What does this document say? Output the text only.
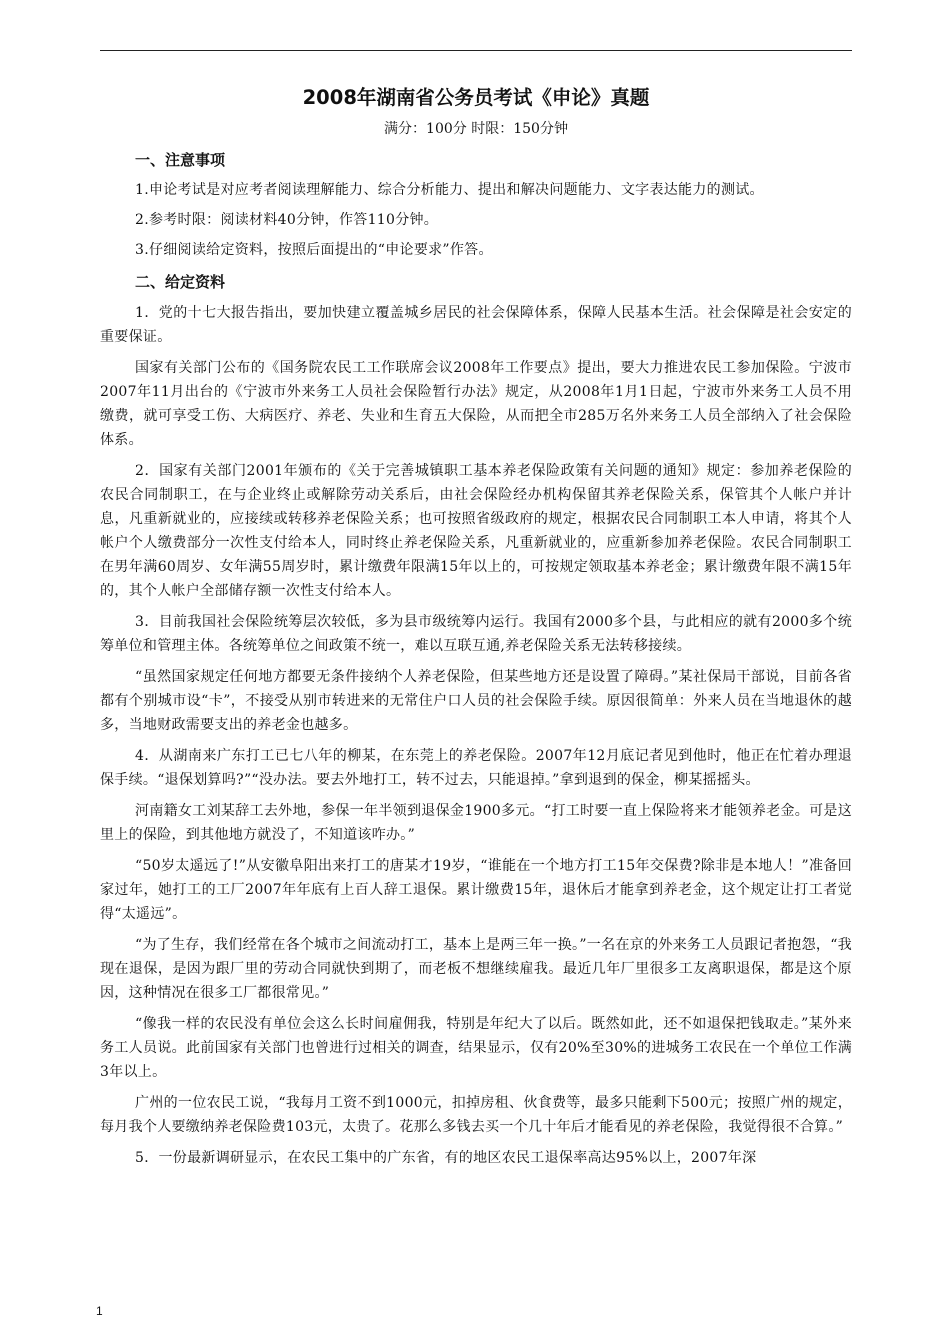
2008年湖南省公务员考试《申论》真题
满分：100分 时限：150分钟
一、注意事项

1.申论考试是对应考者阅读理解能力、综合分析能力、提出和解决问题能力、文字表达能力的测试。

2.参考时限：阅读材料40分钟，作答110分钟。

3.仔细阅读给定资料，按照后面提出的“申论要求”作答。

二、给定资料

1．党的十七大报告指出，要加快建立覆盖城乡居民的社会保障体系，保障人民基本生活。社会保障是社会安定的重要保证。

国家有关部门公布的《国务院农民工工作联席会议2008年工作要点》提出，要大力推进农民工参加保险。宁波市2007年11月出台的《宁波市外来务工人员社会保险暂行办法》规定，从2008年1月1日起，宁波市外来务工人员不用缴费，就可享受工伤、大病医疗、养老、失业和生育五大保险，从而把全市285万名外来务工人员全部纳入了社会保险体系。

2．国家有关部门2001年颁布的《关于完善城镇职工基本养老保险政策有关问题的通知》规定：参加养老保险的农民合同制职工，在与企业终止或解除劳动关系后，由社会保险经办机构保留其养老保险关系，保管其个人帐户并计息，凡重新就业的，应接续或转移养老保险关系；也可按照省级政府的规定，根据农民合同制职工本人申请，将其个人帐户个人缴费部分一次性支付给本人，同时终止养老保险关系，凡重新就业的，应重新参加养老保险。农民合同制职工在男年满60周岁、女年满55周岁时，累计缴费年限满15年以上的，可按规定领取基本养老金；累计缴费年限不满15年的，其个人帐户全部储存额一次性支付给本人。

3．目前我国社会保险统筹层次较低，多为县市级统筹内运行。我国有2000多个县，与此相应的就有2000多个统筹单位和管理主体。各统筹单位之间政策不统一，难以互联互通,养老保险关系无法转移接续。

“虽然国家规定任何地方都要无条件接纳个人养老保险，但某些地方还是设置了障碍。”某社保局干部说，目前各省都有个别城市设“卡”，不接受从别市转进来的无常住户口人员的社会保险手续。原因很简单：外来人员在当地退休的越多，当地财政需要支出的养老金也越多。

4．从湖南来广东打工已七八年的柳某，在东莞上的养老保险。2007年12月底记者见到他时，他正在忙着办理退保手续。“退保划算吗?”“没办法。要去外地打工，转不过去，只能退掉。”拿到退到的保金，柳某摇摇头。

河南籍女工刘某辞工去外地，参保一年半领到退保金1900多元。“打工时要一直上保险将来才能领养老金。可是这里上的保险，到其他地方就没了，不知道该咋办。”

“50岁太遥远了!”从安徽阜阳出来打工的唐某才19岁，“谁能在一个地方打工15年交保费?除非是本地人！”准备回家过年，她打工的工厂2007年年底有上百人辞工退保。累计缴费15年，退休后才能拿到养老金，这个规定让打工者觉得“太遥远”。

“为了生存，我们经常在各个城市之间流动打工，基本上是两三年一换。”一名在京的外来务工人员跟记者抱怨，“我现在退保，是因为跟厂里的劳动合同就快到期了，而老板不想继续雇我。最近几年厂里很多工友离职退保，都是这个原因，这种情况在很多工厂都很常见。”

“像我一样的农民没有单位会这么长时间雇佣我，特别是年纪大了以后。既然如此，还不如退保把钱取走。”某外来务工人员说。此前国家有关部门也曾进行过相关的调查，结果显示，仅有20%至30%的进城务工农民在一个单位工作满3年以上。

广州的一位农民工说，“我每月工资不到1000元，扣掉房租、伙食费等，最多只能剩下500元；按照广州的规定，每月我个人要缴纳养老保险费103元，太贵了。花那么多钱去买一个几十年后才能看见的养老保险，我觉得很不合算。”

5．一份最新调研显示，在农民工集中的广东省，有的地区农民工退保率高达95%以上，2007年深

1
